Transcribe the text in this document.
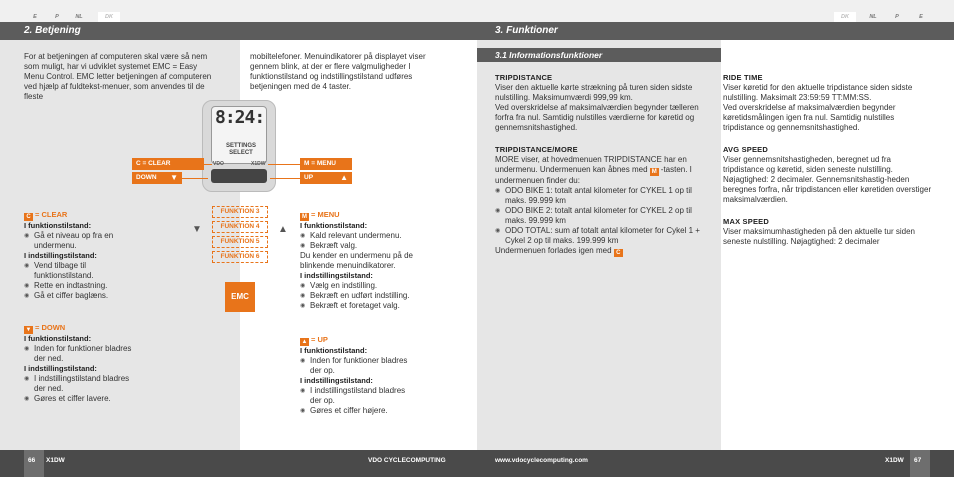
E	P	NL	DK	DK	NL	P	E
2. Betjening	3. Funktioner
3.1 Informationsfunktioner
For at betjeningen af computeren skal være så nem som muligt, har vi udviklet systemet EMC = Easy Menu Control. EMC letter betjeningen af computeren ved hjælp af fuldtekst-menuer, som anvendes til de fleste
mobiltelefoner. Menuindikatorer på displayet viser gennem blink, at der er flere valgmuligheder I funktionstilstand og indstillingstilstand udføres betjeningen med de 4 taster.
8:24:
SETTINGS
SELECT
VDO	X1DW
C = CLEAR
DOWN ▼
M = MENU
UP	▲
FUNKTION 3
FUNKTION 4
FUNKTION 5
FUNKTION 6
▼	▲
EMC
C = CLEAR
I funktionstilstand:
◉ Gå et niveau op fra en undermenu.
I indstillingstilstand:
◉ Vend tilbage til funktionstilstand.
◉ Rette en indtastning.
◉ Gå et ciffer baglæns.
▼ = DOWN
I funktionstilstand:
◉ Inden for funktioner bladres der ned.
I indstillingstilstand:
◉ I indstillingstilstand bladres der ned.
◉ Gøres et ciffer lavere.
M = MENU
I funktionstilstand:
◉ Kald relevant undermenu.
◉ Bekræft valg.
Du kender en undermenu på de blinkende menuindikatorer.
I indstillingstilstand:
◉ Vælg en indstilling.
◉ Bekræft en udført indstilling.
◉ Bekræft et foretaget valg.
▲ = UP
I funktionstilstand:
◉ Inden for funktioner bladres der op.
I indstillingstilstand:
◉ I indstillingstilstand bladres der op.
◉ Gøres et ciffer højere.
TRIPDISTANCE
Viser den aktuelle kørte strækning på turen siden sidste nulstilling. Maksimumværdi 999,99 km.
Ved overskridelse af maksimalværdien begynder tælleren forfra fra nul. Samtidig nulstilles værdierne for køretid og gennemsnitshastighed.
TRIPDISTANCE/MORE
MORE viser, at hovedmenuen TRIPDISTANCE har en undermenu. Undermenuen kan åbnes med M -tasten. I undermenuen finder du:
◉ ODO BIKE 1: totalt antal kilometer for CYKEL 1 op til maks. 99.999 km
◉ ODO BIKE 2: totalt antal kilometer for CYKEL 2 op til maks. 99.999 km
◉ ODO TOTAL: sum af totalt antal kilometer for Cykel 1 + Cykel 2 op til maks. 199.999 km
Undermenuen forlades igen med C
RIDE TIME
Viser køretid for den aktuelle tripdistance siden sidste nulstilling. Maksimalt 23:59:59 TT:MM:SS.
Ved overskridelse af maksimalværdien begynder køretidsmålingen igen fra nul. Samtidig nulstilles tripdistance og gennemsnitshastighed.
AVG SPEED
Viser gennemsnitshastigheden, beregnet ud fra tripdistance og køretid, siden seneste nulstilling. Nøjagtighed: 2 decimaler. Gennemsnitshastig-heden beregnes forfra, når tripdistancen eller køretiden overstiger maksimalværdien.
MAX SPEED
Viser maksimumhastigheden på den aktuelle tur siden seneste nulstilling. Nøjagtighed: 2 decimaler
66 X1DW	VDO CYCLECOMPUTING	www.vdocyclecomputing.com	X1DW 67
